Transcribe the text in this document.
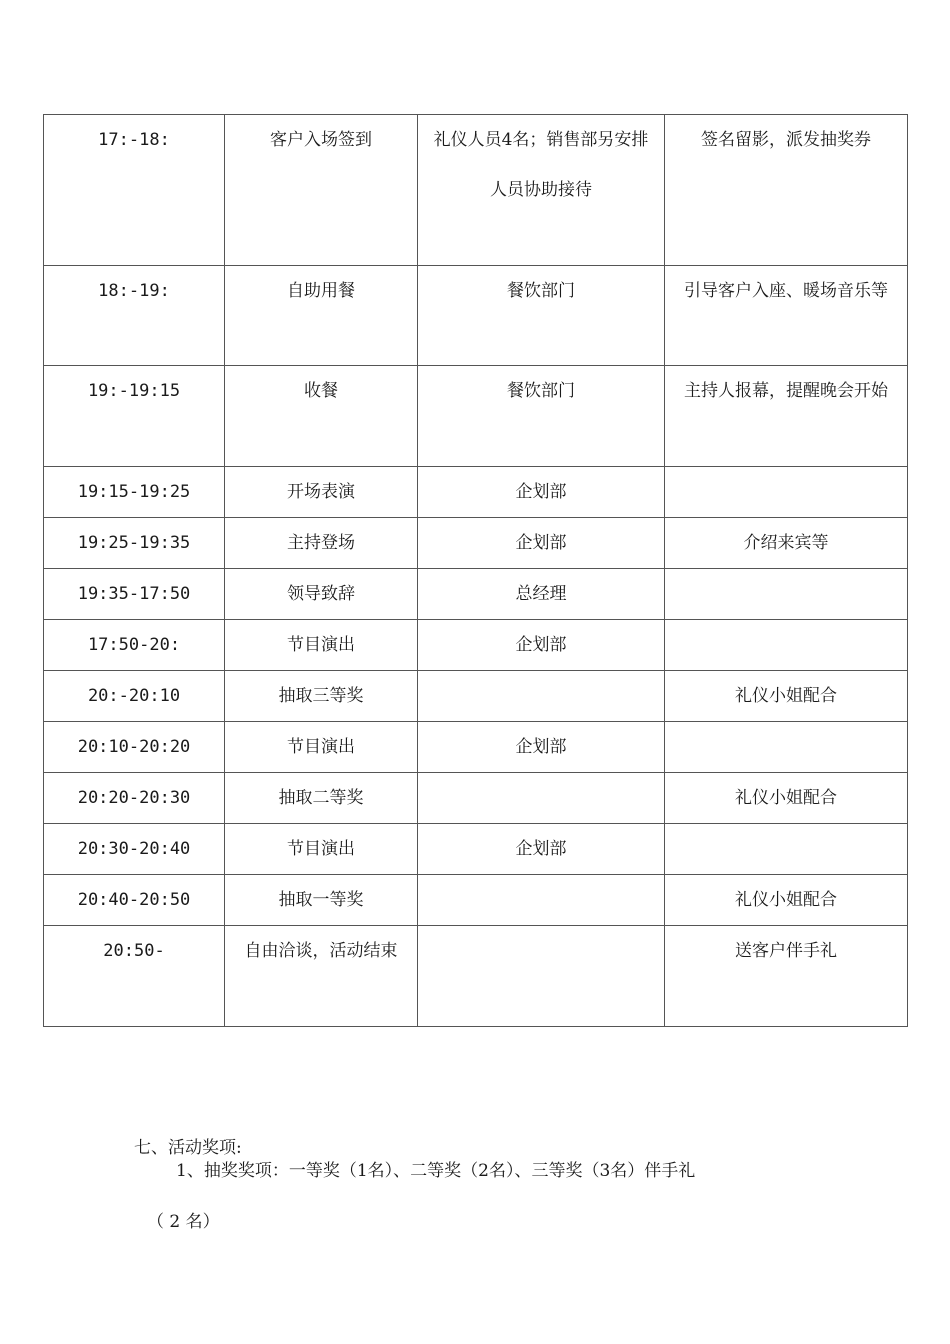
17:-18:	客户入场签到	礼仪人员4名；销售部另安排人员协助接待	签名留影，派发抽奖券
18:-19:	自助用餐	餐饮部门	引导客户入座、暖场音乐等
19:-19:15	收餐	餐饮部门	主持人报幕，提醒晚会开始
19:15-19:25	开场表演	企划部	
19:25-19:35	主持登场	企划部	介绍来宾等
19:35-17:50	领导致辞	总经理	
17:50-20:	节目演出	企划部	
20:-20:10	抽取三等奖		礼仪小姐配合
20:10-20:20	节目演出	企划部	
20:20-20:30	抽取二等奖		礼仪小姐配合
20:30-20:40	节目演出	企划部	
20:40-20:50	抽取一等奖		礼仪小姐配合
20:50-	自由洽谈，活动结束		送客户伴手礼
七、活动奖项:
1、抽奖奖项：一等奖（1名）、二等奖（2名）、三等奖（3名）伴手礼
（ 2 名）
